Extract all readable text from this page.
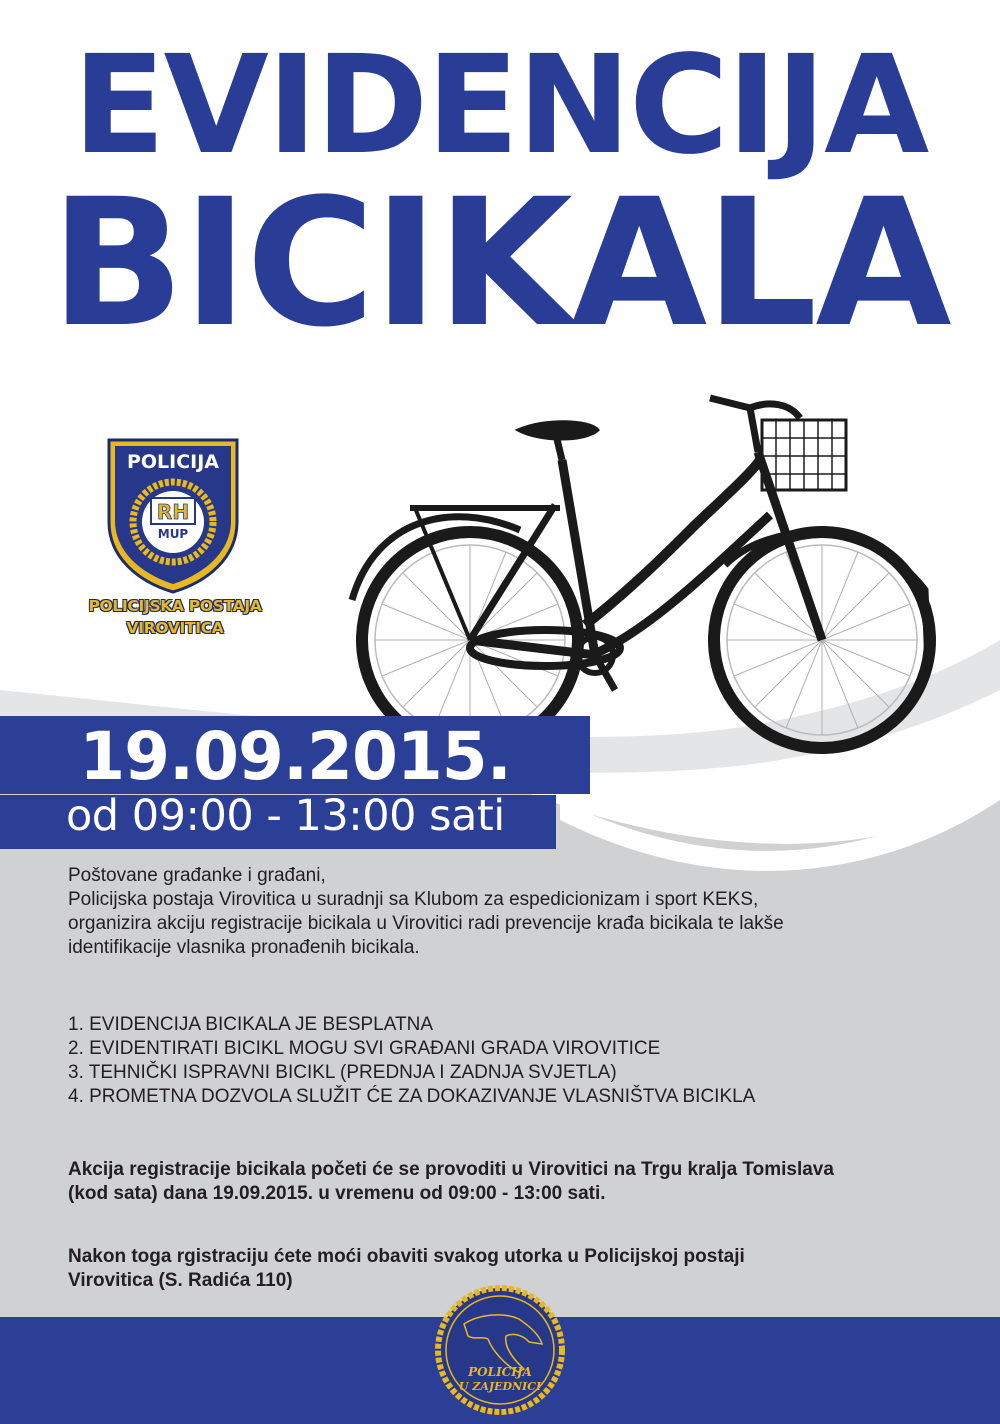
EVIDENCIJA
BICIKALA
POLICIJA
RH
MUP
POLICIJSKA POSTAJA
VIROVITICA
19.09.2015.
od 09:00 - 13:00 sati
Poštovane građanke i građani,
Policijska postaja Virovitica u suradnji sa Klubom za espedicionizam i sport KEKS,
organizira akciju registracije bicikala u Virovitici radi prevencije krađa bicikala te lakše
identifikacije vlasnika pronađenih bicikala.
1. EVIDENCIJA BICIKALA JE BESPLATNA
2. EVIDENTIRATI BICIKL MOGU SVI GRAĐANI GRADA VIROVITICE
3. TEHNIČKI ISPRAVNI BICIKL (PREDNJA I ZADNJA SVJETLA)
4. PROMETNA DOZVOLA SLUŽIT ĆE ZA DOKAZIVANJE VLASNIŠTVA BICIKLA
Akcija registracije bicikala početi će se provoditi u Virovitici na Trgu kralja Tomislava
(kod sata) dana 19.09.2015. u vremenu od 09:00 - 13:00 sati.
Nakon toga rgistraciju ćete moći obaviti svakog utorka u Policijskoj postaji
Virovitica (S. Radića 110)
POLICIJA
U ZAJEDNICI
